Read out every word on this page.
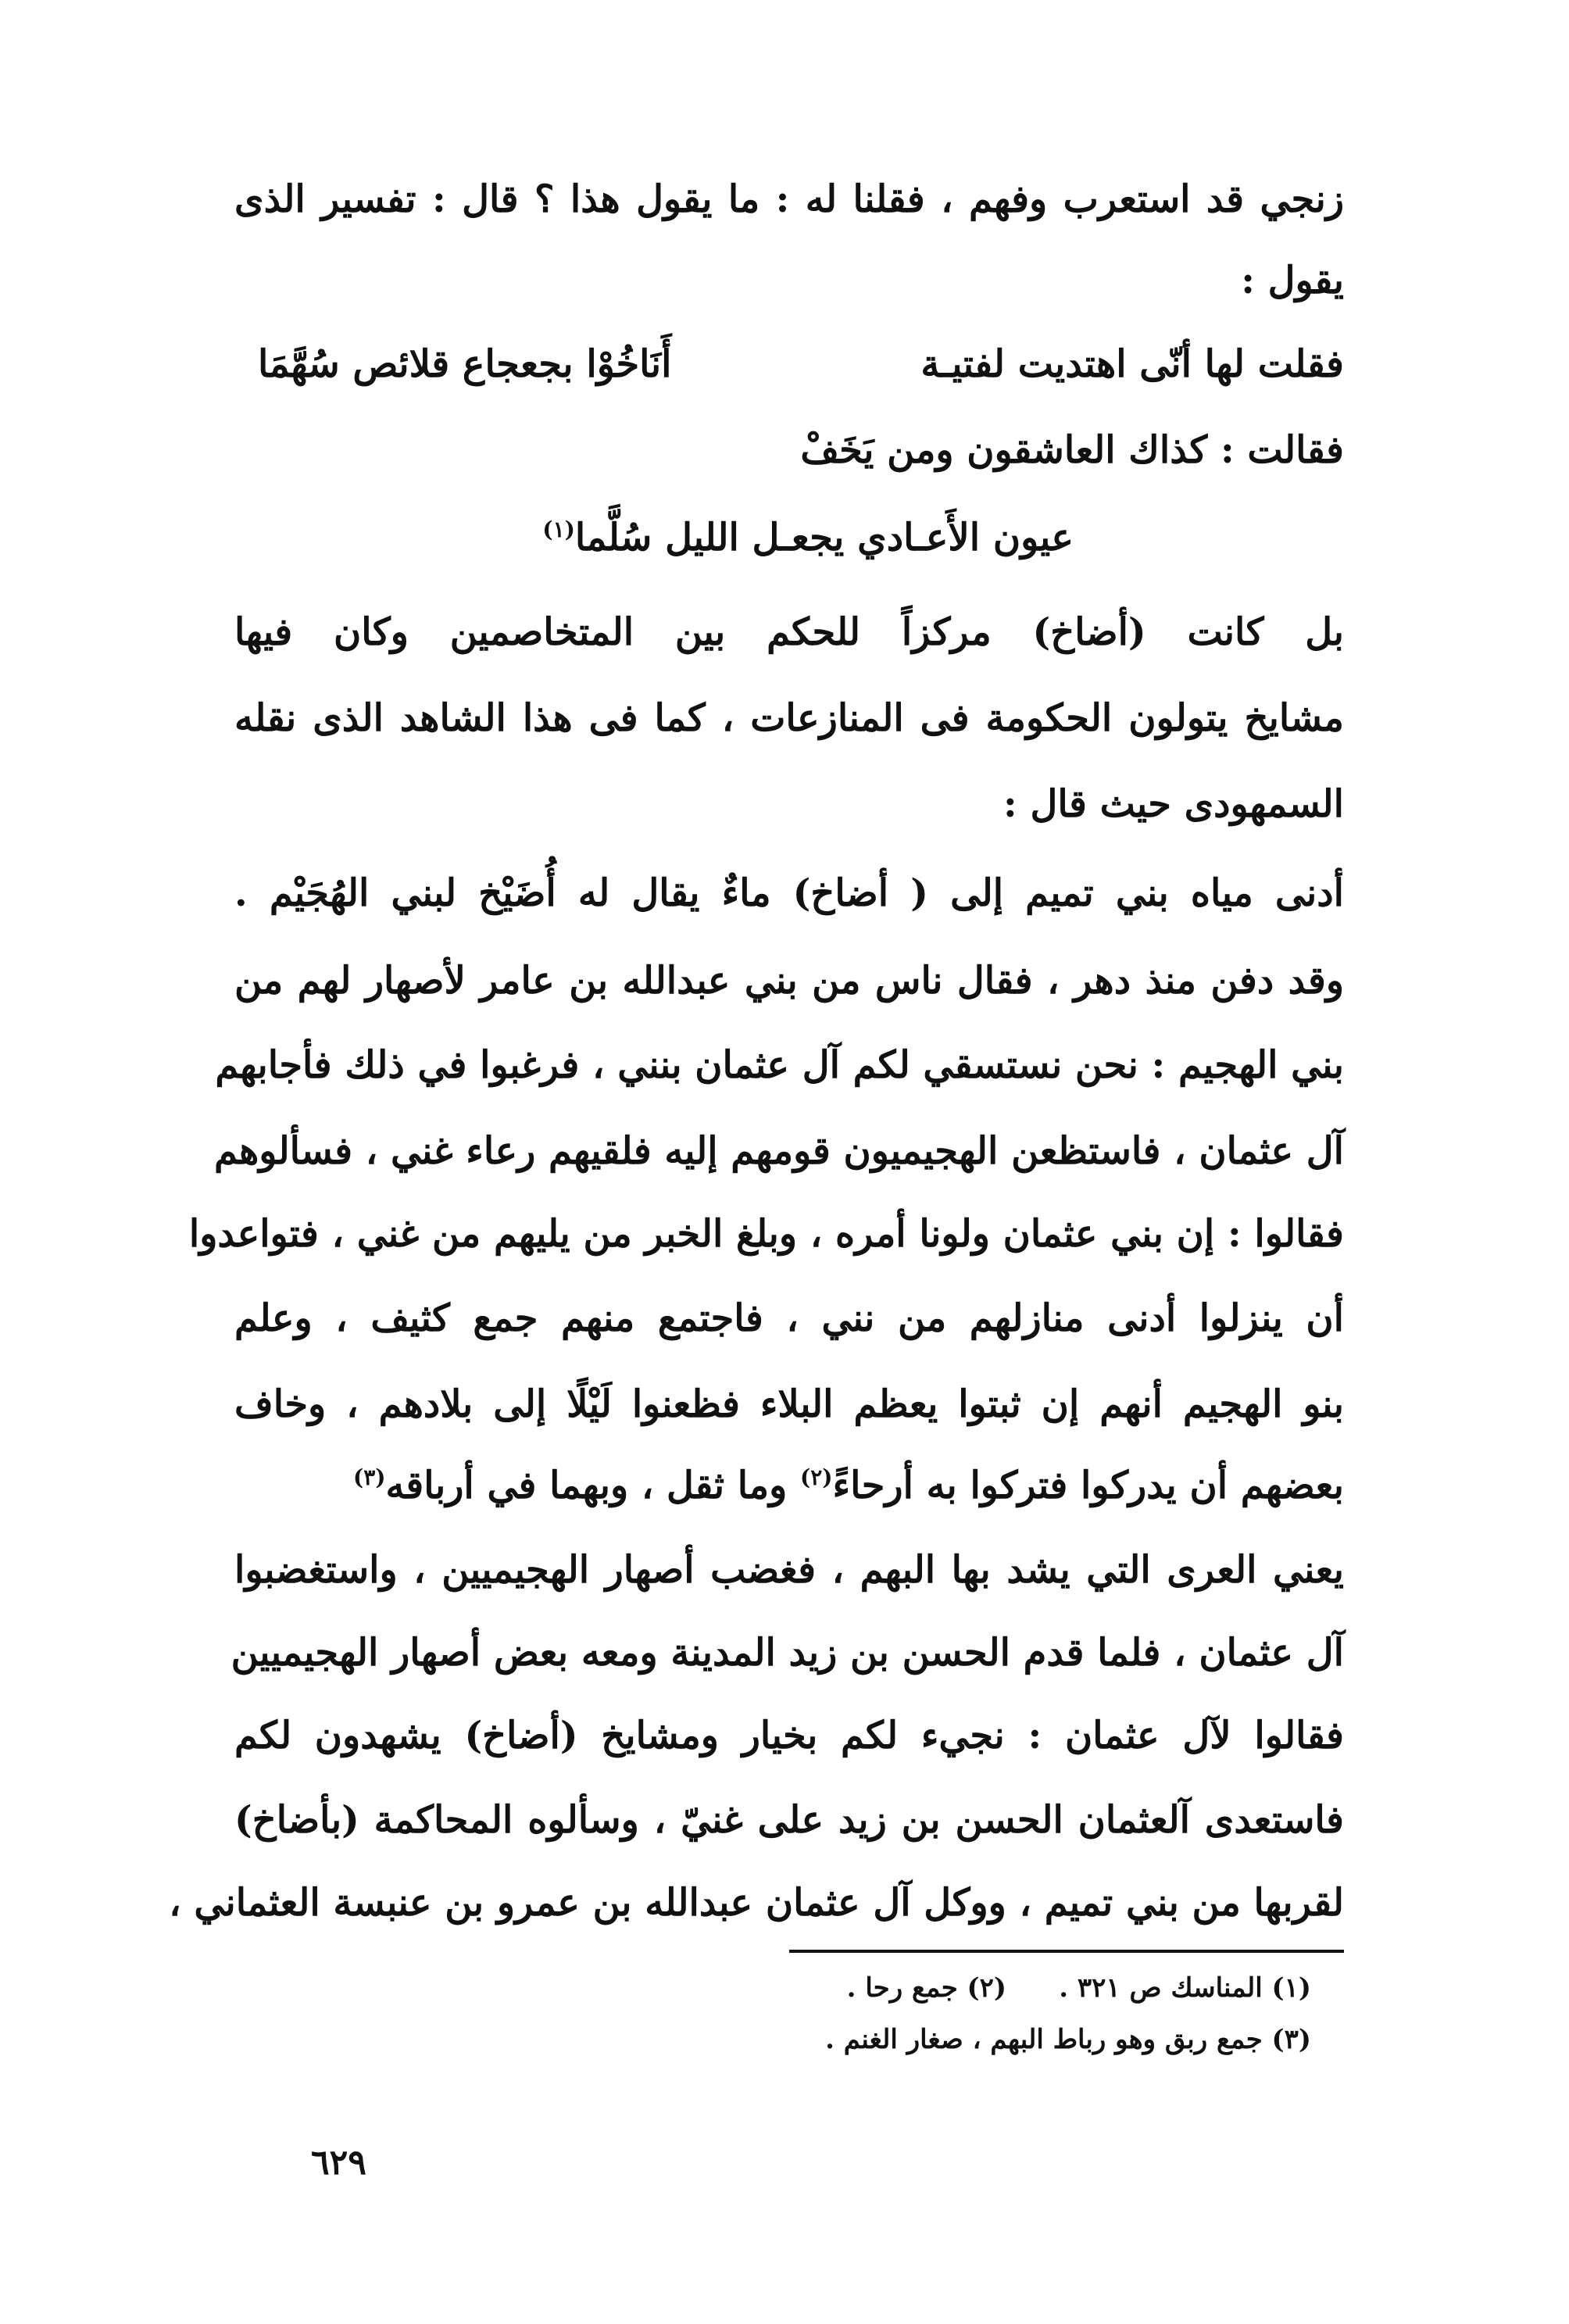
زنجي قد استعرب وفهم ، فقلنا له : ما يقول هذا ؟ قال : تفسير الذى
يقول :
فقلت لها أنّى اهتديت لفتيـة
أَنَاخُوْا بجعجاع قلائص سُهَّمَا
فقالت : كذاك العاشقون ومن يَخَفْ
عيون الأَعـادي يجعـل الليل سُلَّما$^{(١)}$
بل كانت (أضاخ) مركزاً للحكم بين المتخاصمين وكان فيها
مشايخ يتولون الحكومة فى المنازعات ، كما فى هذا الشاهد الذى نقله
السمهودى حيث قال :
أدنى مياه بني تميم إلى ( أضاخ) ماءٌ يقال له أُضَيْخ لبني الهُجَيْم .
وقد دفن منذ دهر ، فقال ناس من بني عبدالله بن عامر لأصهار لهم من
بني الهجيم : نحن نستسقي لكم آل عثمان بنني ، فرغبوا في ذلك فأجابهم
آل عثمان ، فاستظعن الهجيميون قومهم إليه فلقيهم رعاء غني ، فسألوهم
فقالوا : إن بني عثمان ولونا أمره ، وبلغ الخبر من يليهم من غني ، فتواعدوا
أن ينزلوا أدنى منازلهم من نني ، فاجتمع منهم جمع كثيف ، وعلم
بنو الهجيم أنهم إن ثبتوا يعظم البلاء فظعنوا لَيْلًا إلى بلادهم ، وخاف
بعضهم أن يدركوا فتركوا به أرحاءً$^{(٢)}$ وما ثقل ، وبهما في أرباقه$^{(٣)}$
يعني العرى التي يشد بها البهم ، فغضب أصهار الهجيميين ، واستغضبوا
آل عثمان ، فلما قدم الحسن بن زيد المدينة ومعه بعض أصهار الهجيميين
فقالوا لآل عثمان : نجيء لكم بخيار ومشايخ (أضاخ) يشهدون لكم
فاستعدى آلعثمان الحسن بن زيد على غنيّ ، وسألوه المحاكمة (بأضاخ)
لقربها من بني تميم ، ووكل آل عثمان عبدالله بن عمرو بن عنبسة العثماني ،
(١) المناسك ص ٣٢١ .
(٢) جمع رحا .
(٣) جمع ربق وهو رباط البهم ، صغار الغنم .
٦٢٩
